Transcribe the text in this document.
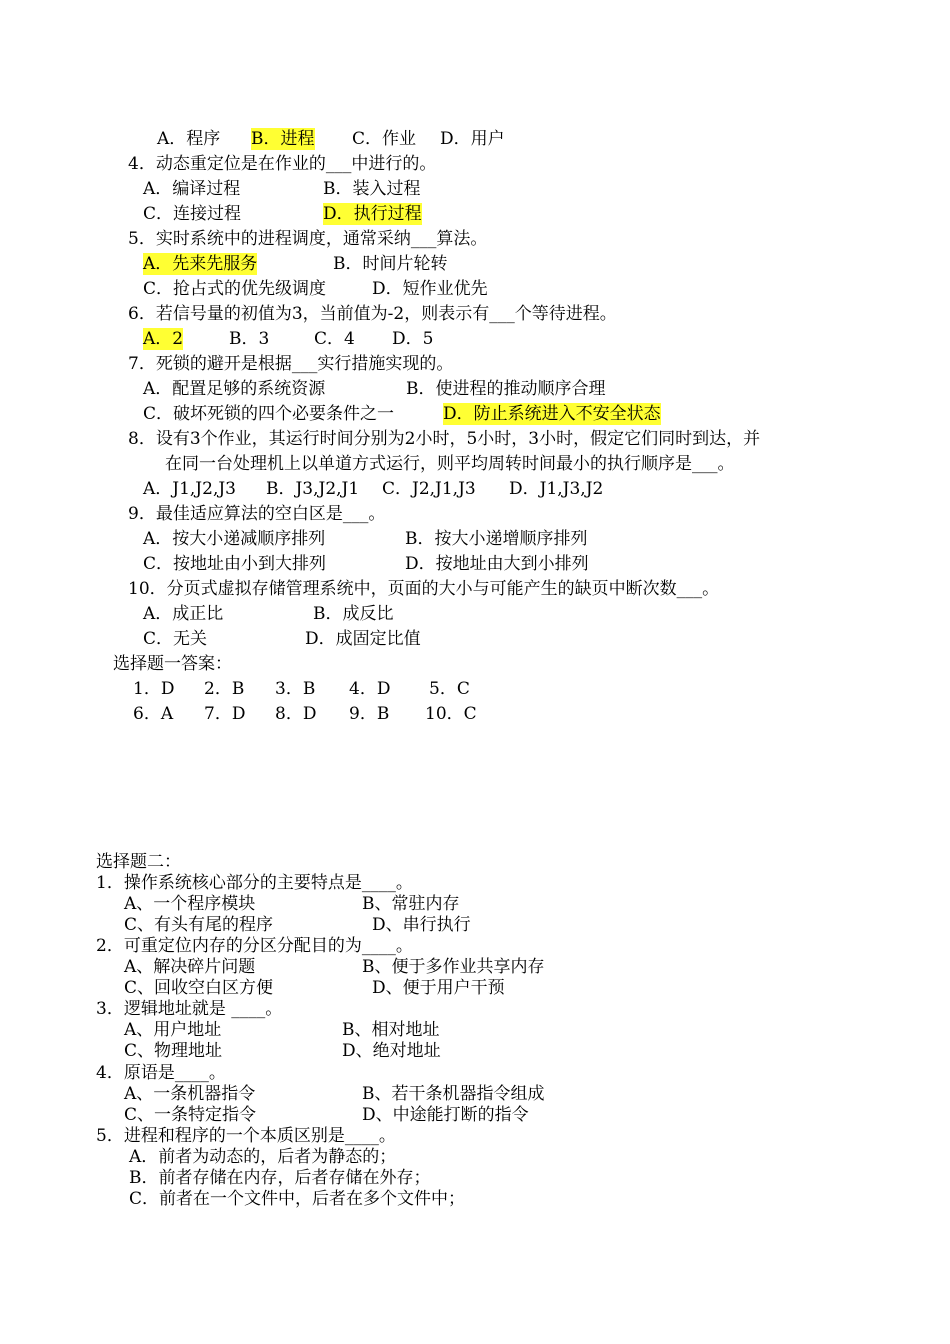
A．程序 B．进程 C．作业 D．用户
4．动态重定位是在作业的___中进行的。
A．编译过程	B．装入过程
C．连接过程	D．执行过程
5．实时系统中的进程调度，通常采纳___算法。
A．先来先服务	B．时间片轮转
C．抢占式的优先级调度	D．短作业优先
6．若信号量的初值为3，当前值为-2，则表示有___个等待进程。
A．2	B．3	C．4 D．5
7．死锁的避开是根据___实行措施实现的。
A．配置足够的系统资源	B．使进程的推动顺序合理
C．破坏死锁的四个必要条件之一	D．防止系统进入不安全状态
8．设有3个作业，其运行时间分别为2小时，5小时，3小时，假定它们同时到达，并
在同一台处理机上以单道方式运行，则平均周转时间最小的执行顺序是___。
A．J1,J2,J3 B．J3,J2,J1 C．J2,J1,J3 D．J1,J3,J2
9．最佳适应算法的空白区是___。
A．按大小递减顺序排列	B．按大小递增顺序排列
C．按地址由小到大排列	D．按地址由大到小排列
10．分页式虚拟存储管理系统中，页面的大小与可能产生的缺页中断次数___。
A．成正比	B．成反比
C．无关	D．成固定比值
选择题一答案：
1．D 2．B 3．B 4．D 5．C
6．A 7．D 8．D 9．B 10．C
选择题二：
1．操作系统核心部分的主要特点是____。
A、一个程序模块	B、常驻内存
C、有头有尾的程序	D、串行执行
2．可重定位内存的分区分配目的为____。
A、解决碎片问题	B、便于多作业共享内存
C、回收空白区方便	D、便于用户干预
3．逻辑地址就是 ____。
A、用户地址	B、相对地址
C、物理地址	D、绝对地址
4．原语是____。
A、一条机器指令	B、若干条机器指令组成
C、一条特定指令	D、中途能打断的指令
5．进程和程序的一个本质区别是____。
A．前者为动态的，后者为静态的；
B．前者存储在内存，后者存储在外存；
C．前者在一个文件中，后者在多个文件中；
